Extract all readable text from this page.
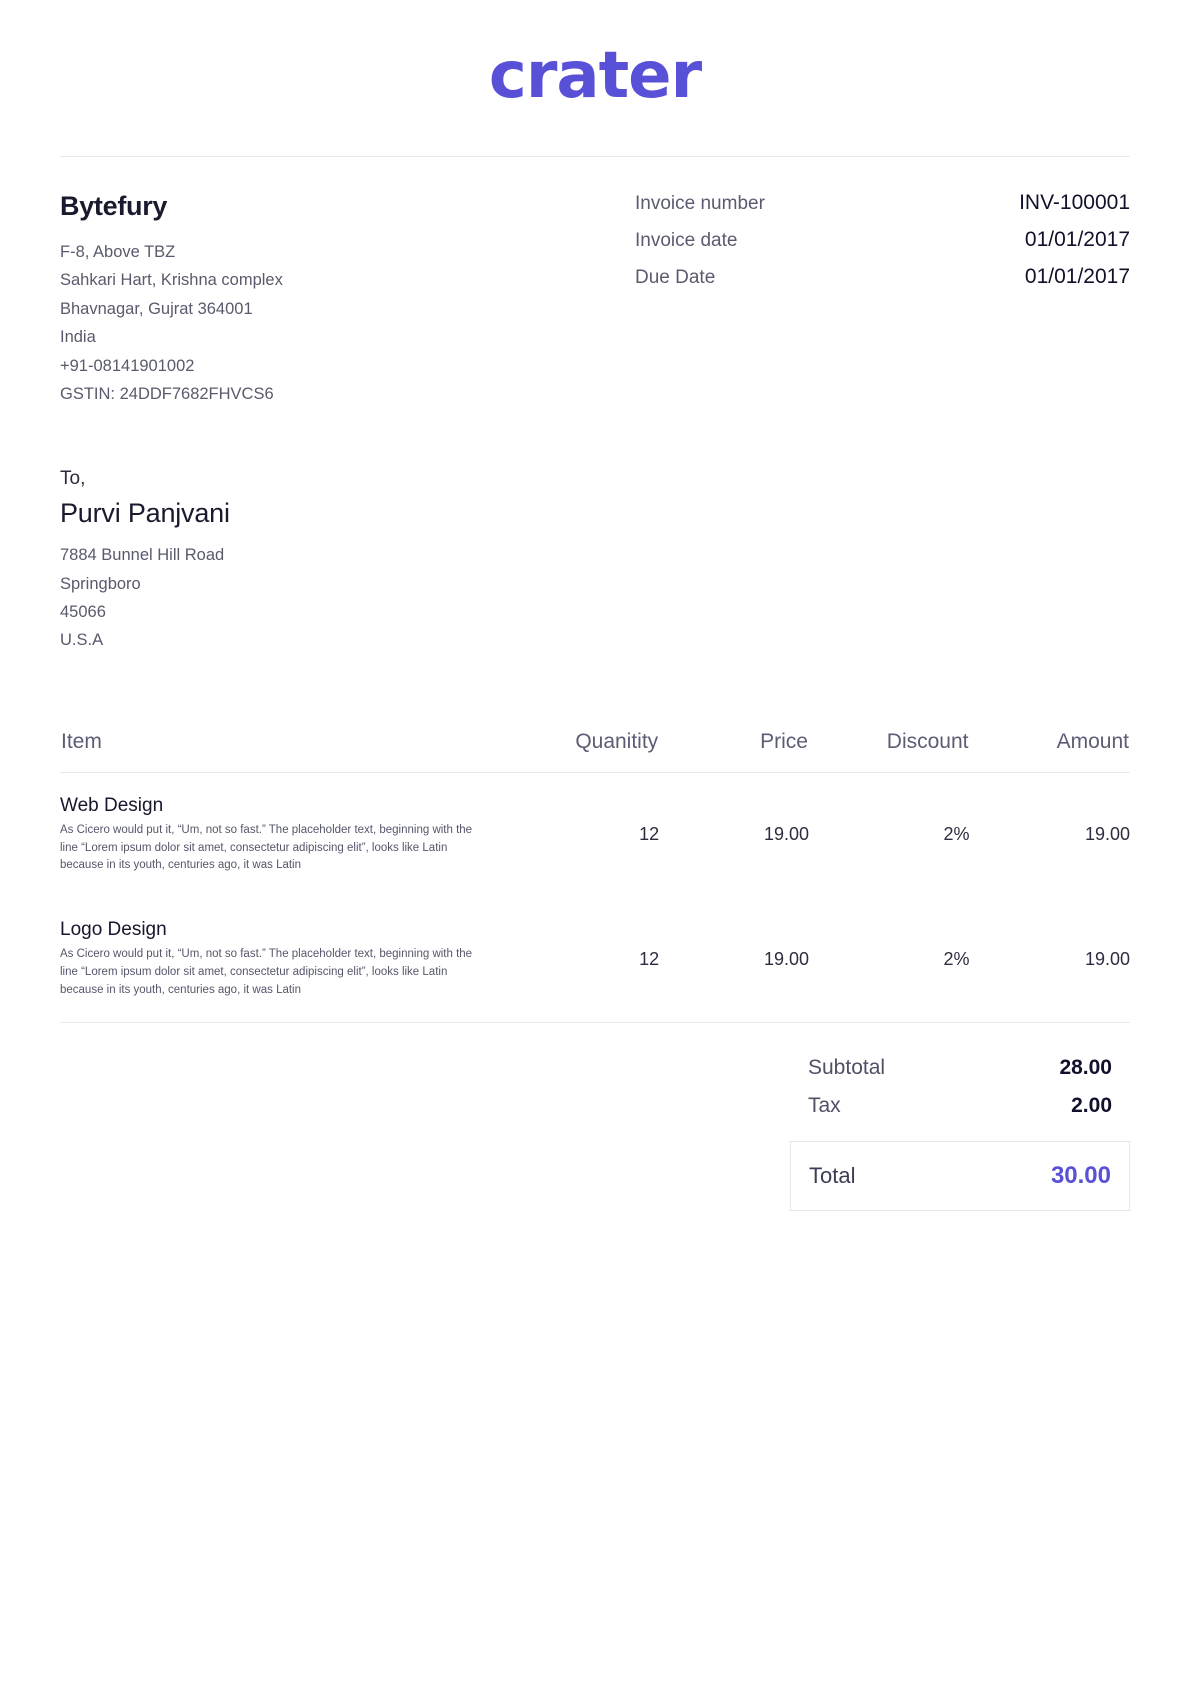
crater
Bytefury
F-8, Above TBZ
Sahkari Hart, Krishna complex
Bhavnagar, Gujrat 364001
India
+91-08141901002
GSTIN: 24DDF7682FHVCS6
Invoice number	INV-100001
Invoice date	01/01/2017
Due Date	01/01/2017
To,
Purvi Panjvani
7884 Bunnel Hill Road
Springboro
45066
U.S.A
Item	Quanitity	Price	Discount	Amount

Web Design
As Cicero would put it, “Um, not so fast.” The placeholder text, beginning with the line “Lorem ipsum dolor sit amet, consectetur adipiscing elit”, looks like Latin because in its youth, centuries ago, it was Latin	12	19.00	2%	19.00

Logo Design
As Cicero would put it, “Um, not so fast.” The placeholder text, beginning with the line “Lorem ipsum dolor sit amet, consectetur adipiscing elit”, looks like Latin because in its youth, centuries ago, it was Latin	12	19.00	2%	19.00
Subtotal	28.00
Tax	2.00
Total	30.00
